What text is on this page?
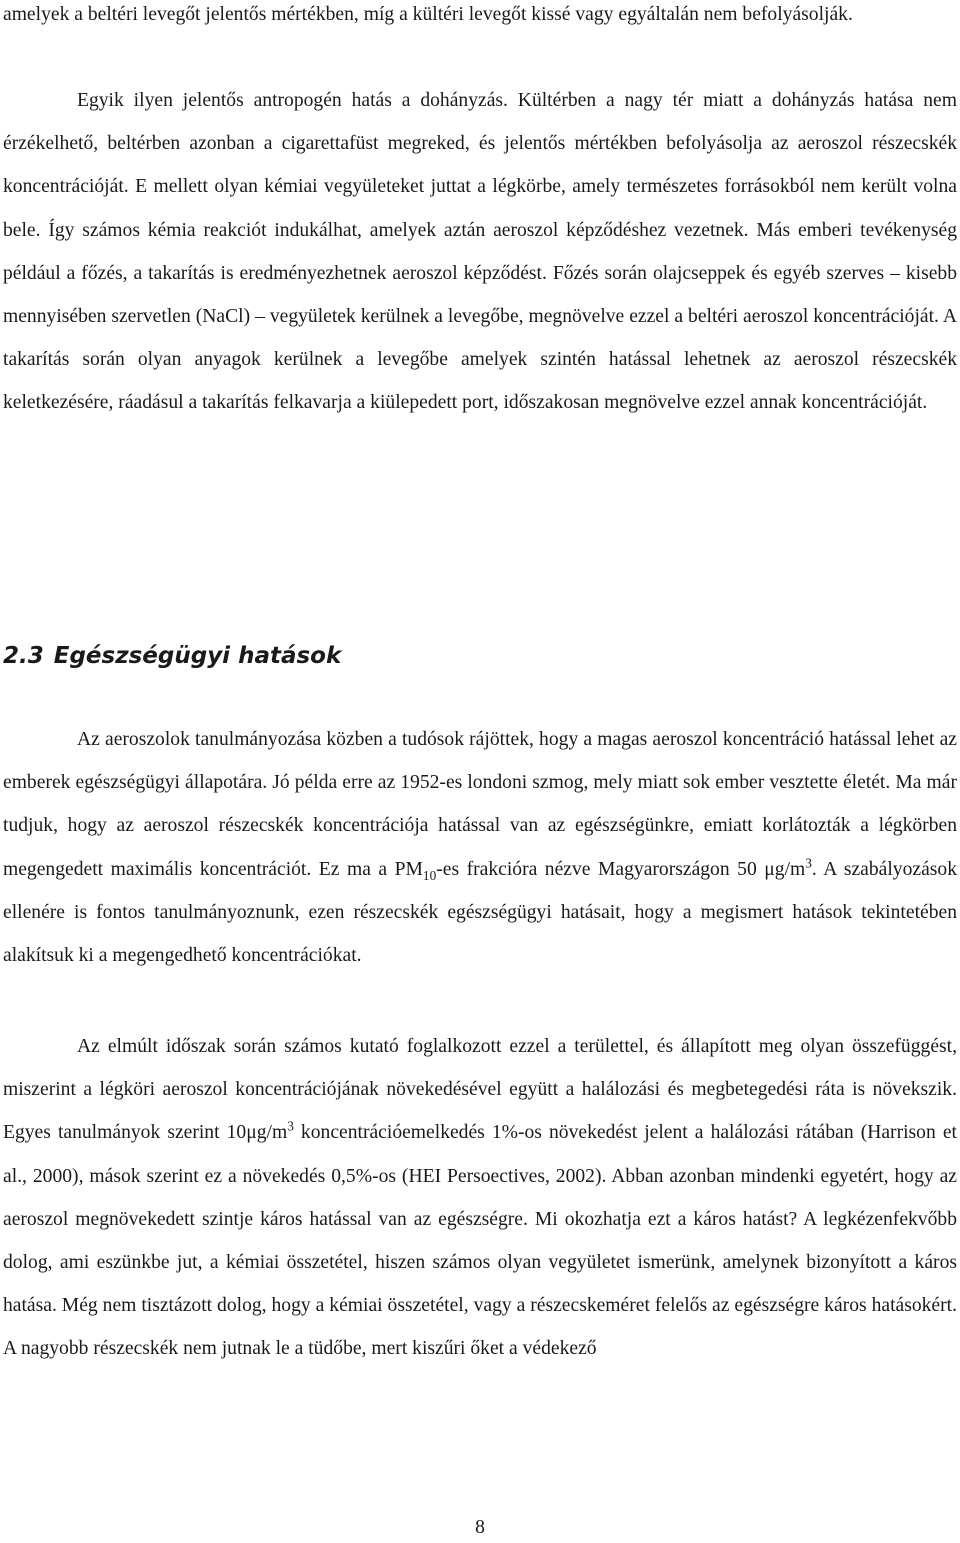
amelyek a beltéri levegőt jelentős mértékben, míg a kültéri levegőt kissé vagy egyáltalán nem befolyásolják.

Egyik ilyen jelentős antropogén hatás a dohányzás. Kültérben a nagy tér miatt a dohányzás hatása nem érzékelhető, beltérben azonban a cigarettafüst megreked, és jelentős mértékben befolyásolja az aeroszol részecskék koncentrációját. E mellett olyan kémiai vegyületeket juttat a légkörbe, amely természetes forrásokból nem került volna bele. Így számos kémia reakciót indukálhat, amelyek aztán aeroszol képződéshez vezetnek. Más emberi tevékenység például a főzés, a takarítás is eredményezhetnek aeroszol képződést. Főzés során olajcseppek és egyéb szerves – kisebb mennyisében szervetlen (NaCl) – vegyületek kerülnek a levegőbe, megnövelve ezzel a beltéri aeroszol koncentrációját. A takarítás során olyan anyagok kerülnek a levegőbe amelyek szintén hatással lehetnek az aeroszol részecskék keletkezésére, ráadásul a takarítás felkavarja a kiülepedett port, időszakosan megnövelve ezzel annak koncentrációját.

2.3 Egészségügyi hatások

Az aeroszolok tanulmányozása közben a tudósok rájöttek, hogy a magas aeroszol koncentráció hatással lehet az emberek egészségügyi állapotára. Jó példa erre az 1952-es londoni szmog, mely miatt sok ember vesztette életét. Ma már tudjuk, hogy az aeroszol részecskék koncentrációja hatással van az egészségünkre, emiatt korlátozták a légkörben megengedett maximális koncentrációt. Ez ma a $PM_{10}-es$ frakcióra nézve Magyarországon 50 $\mu g/m^3$. A szabályozások ellenére is fontos tanulmányoznunk, ezen részecskék egészségügyi hatásait, hogy a megismert hatások tekintetében alakítsuk ki a megengedhető koncentrációkat.

Az elmúlt időszak során számos kutató foglalkozott ezzel a területtel, és állapított meg olyan összefüggést, miszerint a légköri aeroszol koncentrációjának növekedésével együtt a halálozási és megbetegedési ráta is növekszik. Egyes tanulmányok szerint $10\mu g/m^3$ koncentrációemelkedés 1%-os növekedést jelent a halálozási rátában (Harrison et al., 2000), mások szerint ez a növekedés 0,5%-os (HEI Persoectives, 2002). Abban azonban mindenki egyetért, hogy az aeroszol megnövekedett szintje káros hatással van az egészségre. Mi okozhatja ezt a káros hatást? A legkézenfekvőbb dolog, ami eszünkbe jut, a kémiai összetétel, hiszen számos olyan vegyületet ismerünk, amelynek bizonyított a káros hatása. Még nem tisztázott dolog, hogy a kémiai összetétel, vagy a részecskeméret felelős az egészségre káros hatásokért. A nagyobb részecskék nem jutnak le a tüdőbe, mert kiszűri őket a védekező

8
